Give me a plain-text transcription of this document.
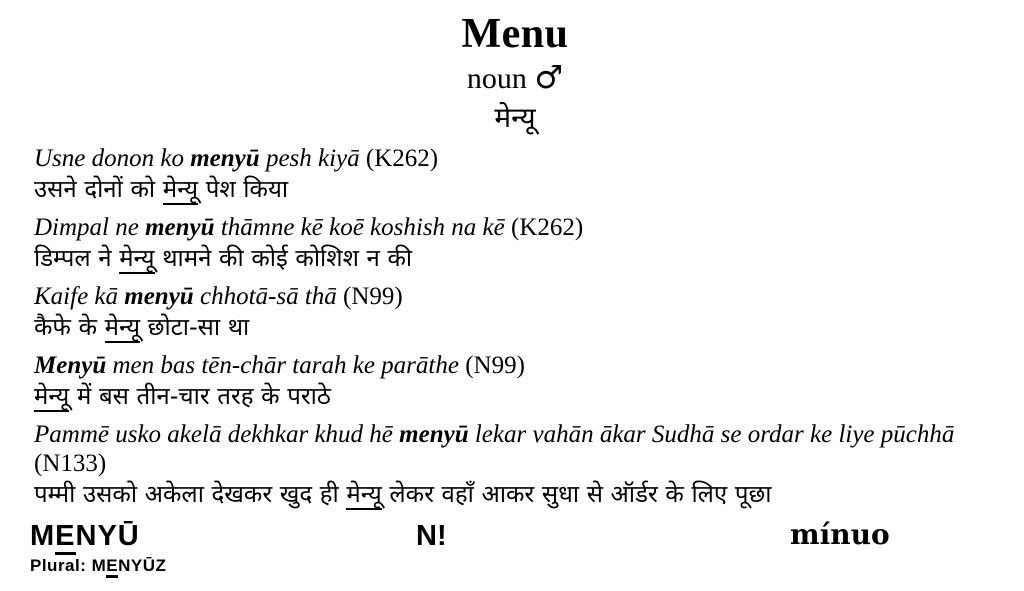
Menu
noun ♂
मेन्यू
Usne donon ko menyū pesh kiyā (K262)
उसने दोनों को मेन्यू पेश किया
Dimpal ne menyū thāmne kē koē koshish na kē (K262)
डिम्पल ने मेन्यू थामने की कोई कोशिश न की
Kaife kā menyū chhotā-sā thā (N99)
कैफे के मेन्यू छोटा-सा था
Menyū men bas tēn-chār tarah ke parāthe (N99)
मेन्यू में बस तीन-चार तरह के पराठे
Pammē usko akelā dekhkar khud hē menyū lekar vahān ākar Sudhā se ordar ke liye pūchhā
(N133)
पम्मी उसको अकेला देखकर खुद ही मेन्यू लेकर वहाँ आकर सुधा से ऑर्डर के लिए पूछा
MENYŪ	N!	mínuo
Plural: MENYŪZ
